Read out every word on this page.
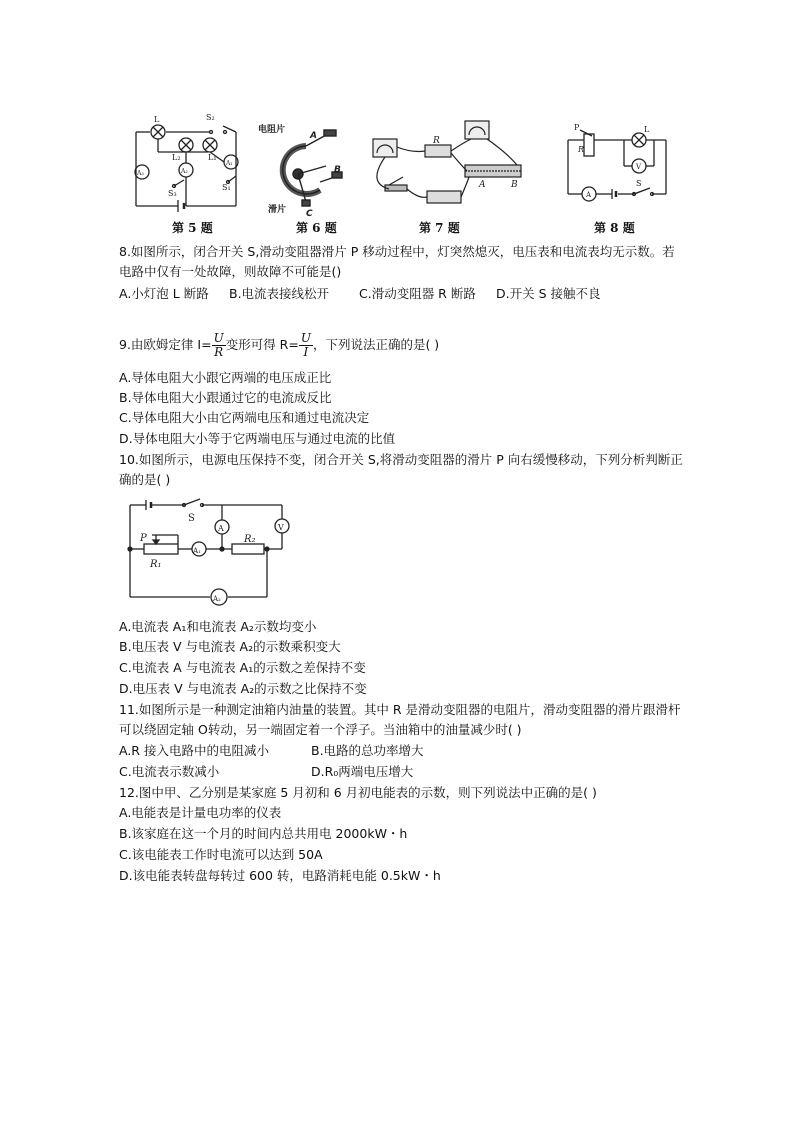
L	S₂
L₂	L₁
A₃	A₂
A₁
S₃
S₁
电阻片
A
B
滑片 C
R
A	B
P
R
L
V
A
S
第 5 题	第 6 题	第 7 题	第 8 题
8.如图所示，闭合开关 S,滑动变阻器滑片 P 移动过程中，灯突然熄灭，电压表和电流表均无示数。若电路中仅有一处故障，则故障不可能是()
A.小灯泡 L 断路 B.电流表接线松开 C.滑动变阻器 R 断路 D.开关 S 接触不良
9.由欧姆定律 $I= \frac{U}{R}$ 变形可得 $R= \frac{U}{I}$ ，下列说法正确的是( )
A.导体电阻大小跟它两端的电压成正比
B.导体电阻大小跟通过它的电流成反比
C.导体电阻大小由它两端电压和通过电流决定
D.导体电阻大小等于它两端电压与通过电流的比值
10.如图所示，电源电压保持不变，闭合开关 S,将滑动变阻器的滑片 P 向右缓慢移动，下列分析判断正确的是( )
S
A	V
P
A₁
R₂
R₁
A₂
A.电流表 A₁和电流表 A₂示数均变小
B.电压表 V 与电流表 A₂的示数乘积变大
C.电流表 A 与电流表 A₁的示数之差保持不变
D.电压表 V 与电流表 A₂的示数之比保持不变
11.如图所示是一种测定油箱内油量的装置。其中 R 是滑动变阻器的电阻片，滑动变阻器的滑片跟滑杆可以绕固定轴 O转动，另一端固定着一个浮子。当油箱中的油量减少时( )
A.R 接入电路中的电阻减小	B.电路的总功率增大
C.电流表示数减小	D.R₀两端电压增大
12.图中甲、乙分别是某家庭 5 月初和 6 月初电能表的示数，则下列说法中正确的是( )
A.电能表是计量电功率的仪表
B.该家庭在这一个月的时间内总共用电 2000kW・h
C.该电能表工作时电流可以达到 50A
D.该电能表转盘每转过 600 转，电路消耗电能 0.5kW・h
